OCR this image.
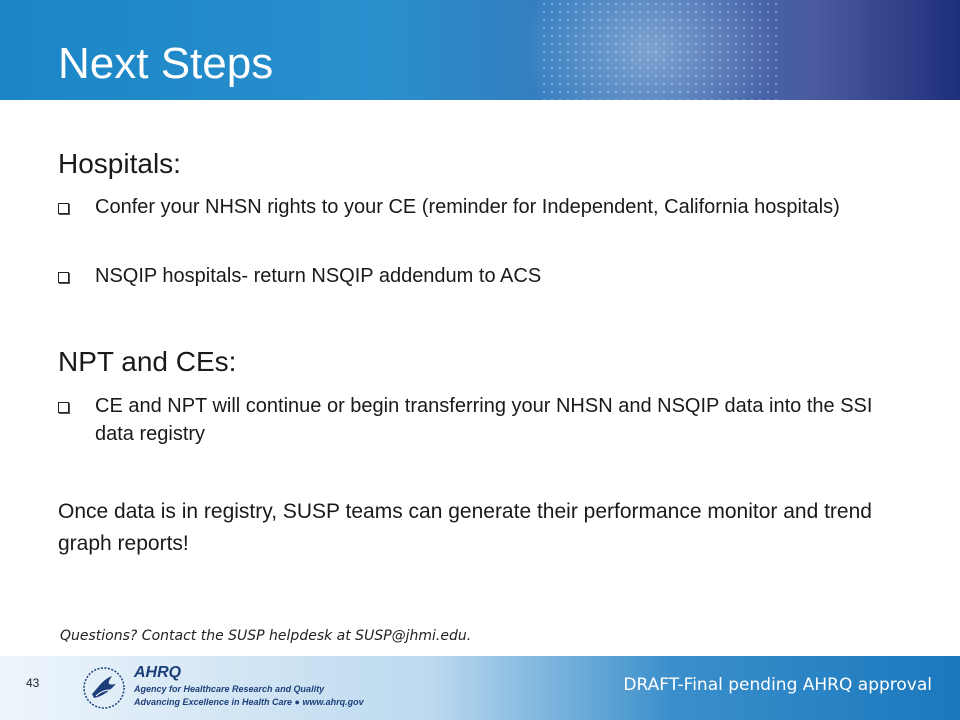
Next Steps
Hospitals:
Confer your NHSN rights to your CE (reminder for Independent, California hospitals)
NSQIP hospitals- return NSQIP addendum to ACS
NPT and CEs:
CE and NPT will continue or begin transferring your NHSN and NSQIP data into the SSI data registry
Once data is in registry, SUSP teams can generate their performance monitor and trend graph reports!
Questions? Contact the SUSP helpdesk at SUSP@jhmi.edu.
43
AHRQ
Agency for Healthcare Research and Quality
Advancing Excellence in Health Care ● www.ahrq.gov
DRAFT-Final pending AHRQ approval
